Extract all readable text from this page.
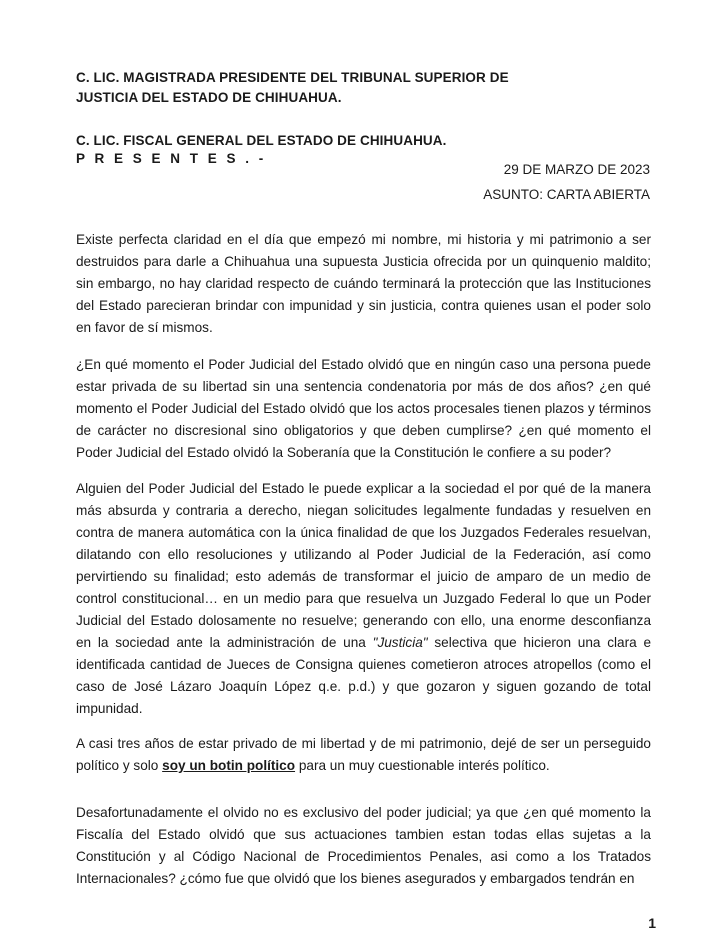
C. LIC. MAGISTRADA PRESIDENTE DEL TRIBUNAL SUPERIOR DE
JUSTICIA DEL ESTADO DE CHIHUAHUA.
C. LIC. FISCAL GENERAL DEL ESTADO DE CHIHUAHUA.
P R E S E N T E S . -
29 DE MARZO DE 2023
ASUNTO: CARTA ABIERTA

Existe perfecta claridad en el día que empezó mi nombre, mi historia y mi patrimonio a ser destruidos para darle a Chihuahua una supuesta Justicia ofrecida por un quinquenio maldito; sin embargo, no hay claridad respecto de cuándo terminará la protección que las Instituciones del Estado parecieran brindar con impunidad y sin justicia, contra quienes usan el poder solo en favor de sí mismos.

¿En qué momento el Poder Judicial del Estado olvidó que en ningún caso una persona puede estar privada de su libertad sin una sentencia condenatoria por más de dos años? ¿en qué momento el Poder Judicial del Estado olvidó que los actos procesales tienen plazos y términos de carácter no discresional sino obligatorios y que deben cumplirse? ¿en qué momento el Poder Judicial del Estado olvidó la Soberanía que la Constitución le confiere a su poder?

Alguien del Poder Judicial del Estado le puede explicar a la sociedad el por qué de la manera más absurda y contraria a derecho, niegan solicitudes legalmente fundadas y resuelven en contra de manera automática con la única finalidad de que los Juzgados Federales resuelvan, dilatando con ello resoluciones y utilizando al Poder Judicial de la Federación, así como pervirtiendo su finalidad; esto además de transformar el juicio de amparo de un medio de control constitucional… en un medio para que resuelva un Juzgado Federal lo que un Poder Judicial del Estado dolosamente no resuelve; generando con ello, una enorme desconfianza en la sociedad ante la administración de una "Justicia" selectiva que hicieron una clara e identificada cantidad de Jueces de Consigna quienes cometieron atroces atropellos (como el caso de José Lázaro Joaquín López q.e. p.d.) y que gozaron y siguen gozando de total impunidad.

A casi tres años de estar privado de mi libertad y de mi patrimonio, dejé de ser un perseguido político y solo soy un botin político para un muy cuestionable interés político.

Desafortunadamente el olvido no es exclusivo del poder judicial; ya que ¿en qué momento la Fiscalía del Estado olvidó que sus actuaciones tambien estan todas ellas sujetas a la Constitución y al Código Nacional de Procedimientos Penales, asi como a los Tratados Internacionales? ¿cómo fue que olvidó que los bienes asegurados y embargados tendrán en

1
